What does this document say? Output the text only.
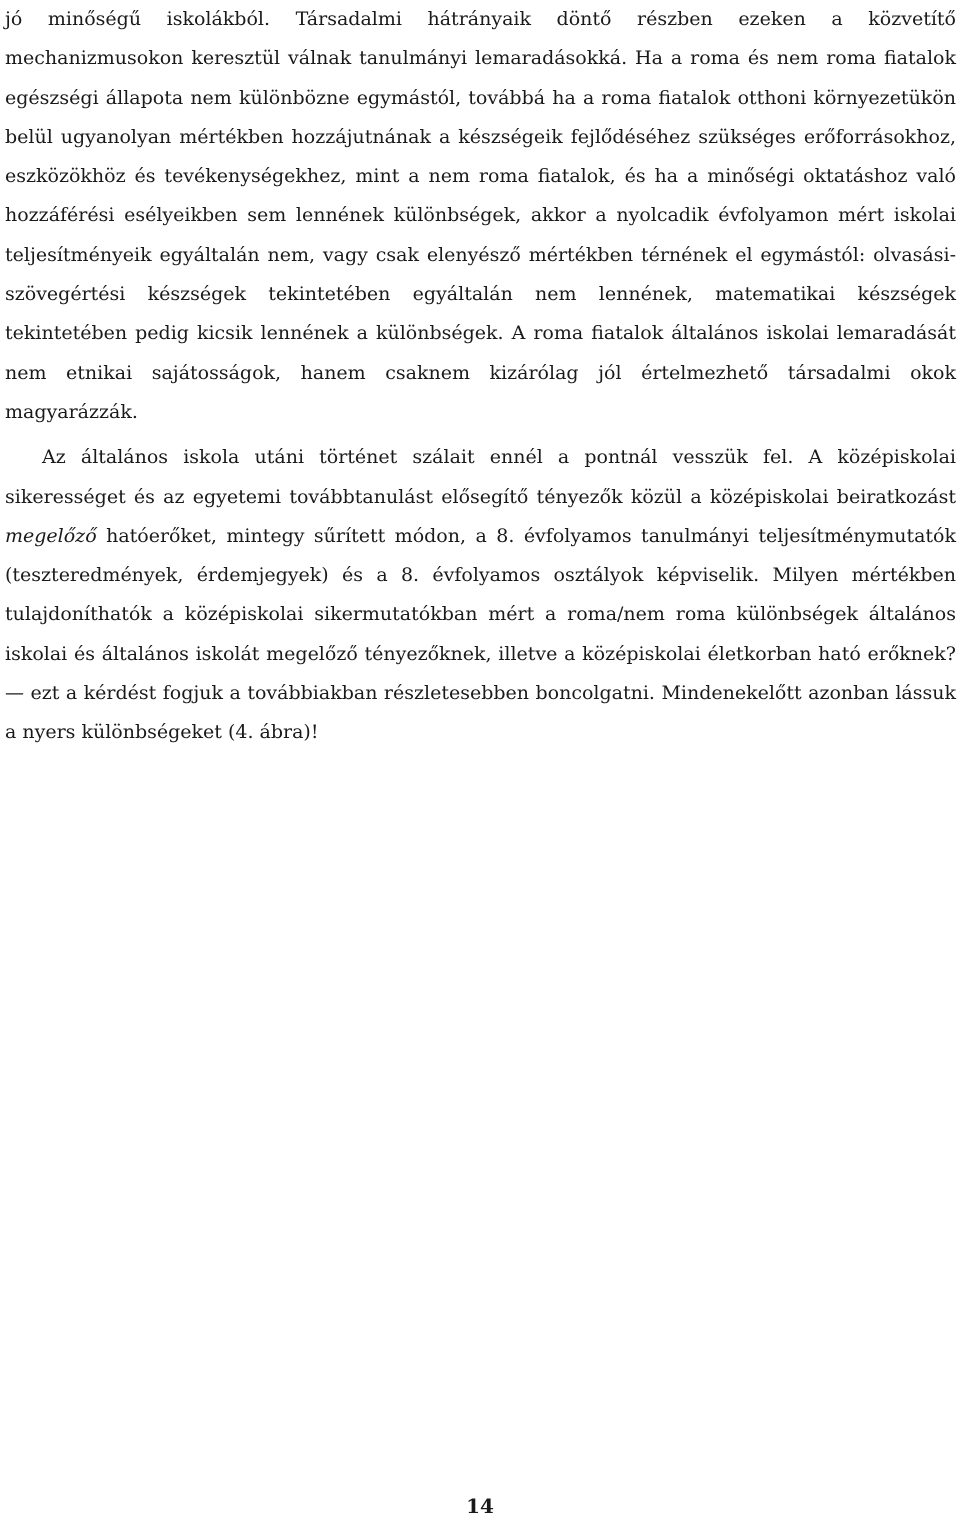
jó minőségű iskolákból. Társadalmi hátrányaik döntő részben ezeken a közvetítő mechanizmusokon keresztül válnak tanulmányi lemaradásokká. Ha a roma és nem roma fiatalok egészségi állapota nem különbözne egymástól, továbbá ha a roma fiatalok otthoni környezetükön belül ugyanolyan mértékben hozzájutnának a készségeik fejlődéséhez szükséges erőforrásokhoz, eszközökhöz és tevékenységekhez, mint a nem roma fiatalok, és ha a minőségi oktatáshoz való hozzáférési esélyeikben sem lennének különbségek, akkor a nyolcadik évfolyamon mért iskolai teljesítményeik egyáltalán nem, vagy csak elenyésző mértékben térnének el egymástól: olvasási-szövegértési készségek tekintetében egyáltalán nem lennének, matematikai készségek tekintetében pedig kicsik lennének a különbségek. A roma fiatalok általános iskolai lemaradását nem etnikai sajátosságok, hanem csaknem kizárólag jól értelmezhető társadalmi okok magyarázzák.

Az általános iskola utáni történet szálait ennél a pontnál vesszük fel. A középiskolai sikerességet és az egyetemi továbbtanulást elősegítő tényezők közül a középiskolai beiratkozást megelőző hatóerőket, mintegy sűrített módon, a 8. évfolyamos tanulmányi teljesítménymutatók (teszteredmények, érdemjegyek) és a 8. évfolyamos osztályok képviselik. Milyen mértékben tulajdoníthatók a középiskolai sikermutatókban mért a roma/nem roma különbségek általános iskolai és általános iskolát megelőző tényezőknek, illetve a középiskolai életkorban ható erőknek? — ezt a kérdést fogjuk a továbbiakban részletesebben boncolgatni. Mindenekelőtt azonban lássuk a nyers különbségeket (4. ábra)!

14
